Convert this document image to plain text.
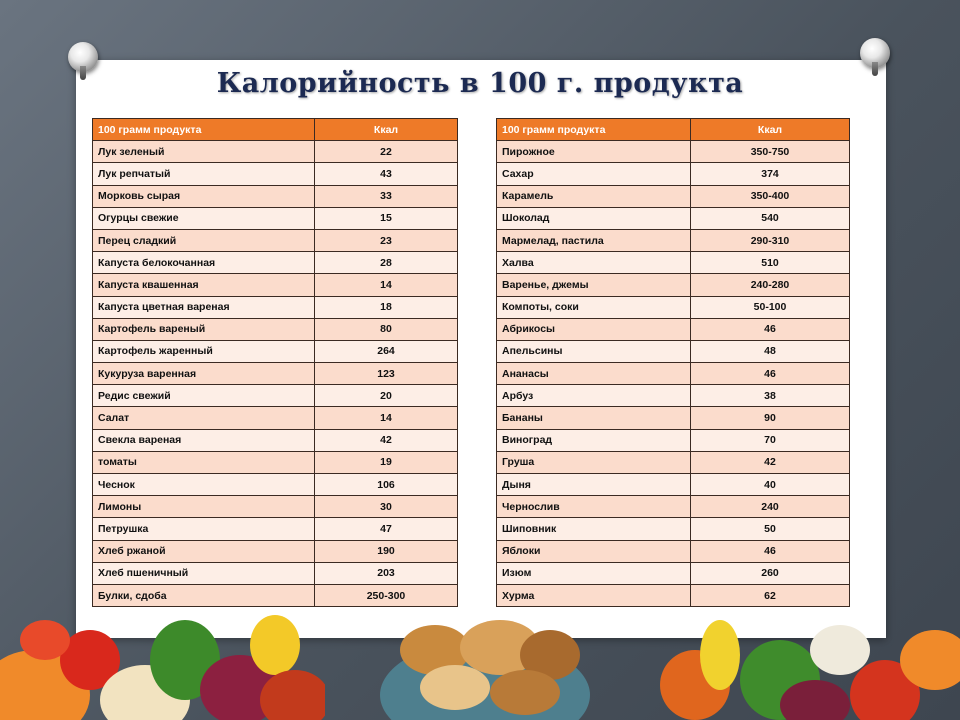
Калорийность в 100 г. продукта
100 грамм продукта	Ккал
Лук зеленый	22
Лук репчатый	43
Морковь сырая	33
Огурцы свежие	15
Перец сладкий	23
Капуста белокочанная	28
Капуста квашенная	14
Капуста цветная вареная	18
Картофель вареный	80
Картофель жаренный	264
Кукуруза варенная	123
Редис свежий	20
Салат	14
Свекла вареная	42
томаты	19
Чеснок	106
Лимоны	30
Петрушка	47
Хлеб ржаной	190
Хлеб пшеничный	203
Булки, сдоба	250-300
100 грамм продукта	Ккал
Пирожное	350-750
Сахар	374
Карамель	350-400
Шоколад	540
Мармелад, пастила	290-310
Халва	510
Варенье, джемы	240-280
Компоты, соки	50-100
Абрикосы	46
Апельсины	48
Ананасы	46
Арбуз	38
Бананы	90
Виноград	70
Груша	42
Дыня	40
Чернослив	240
Шиповник	50
Яблоки	46
Изюм	260
Хурма	62
